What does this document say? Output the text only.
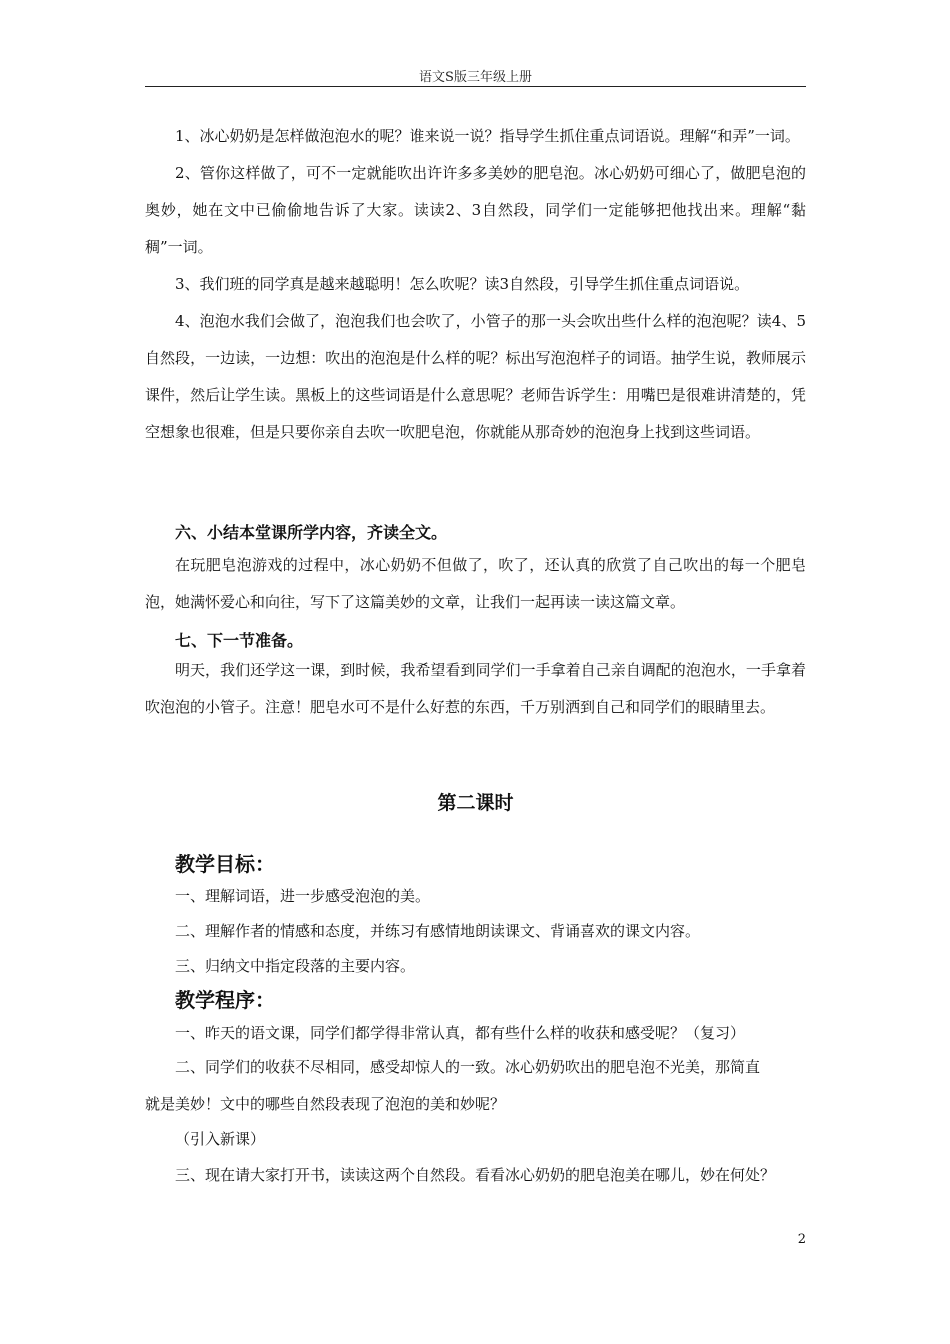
语文S版三年级上册

1、冰心奶奶是怎样做泡泡水的呢？谁来说一说？指导学生抓住重点词语说。理解“和弄”一词。

2、管你这样做了，可不一定就能吹出许许多多美妙的肥皂泡。冰心奶奶可细心了，做肥皂泡的奥妙，她在文中已偷偷地告诉了大家。读读2、3自然段，同学们一定能够把他找出来。理解“黏稠”一词。

3、我们班的同学真是越来越聪明！怎么吹呢？读3自然段，引导学生抓住重点词语说。

4、泡泡水我们会做了，泡泡我们也会吹了，小管子的那一头会吹出些什么样的泡泡呢？读4、5自然段，一边读，一边想：吹出的泡泡是什么样的呢？标出写泡泡样子的词语。抽学生说，教师展示课件，然后让学生读。黑板上的这些词语是什么意思呢？老师告诉学生：用嘴巴是很难讲清楚的，凭空想象也很难，但是只要你亲自去吹一吹肥皂泡，你就能从那奇妙的泡泡身上找到这些词语。

六、小结本堂课所学内容，齐读全文。

在玩肥皂泡游戏的过程中，冰心奶奶不但做了，吹了，还认真的欣赏了自己吹出的每一个肥皂泡，她满怀爱心和向往，写下了这篇美妙的文章，让我们一起再读一读这篇文章。

七、下一节准备。

明天，我们还学这一课，到时候，我希望看到同学们一手拿着自己亲自调配的泡泡水，一手拿着吹泡泡的小管子。注意！肥皂水可不是什么好惹的东西，千万别洒到自己和同学们的眼睛里去。

第二课时
教学目标：
一、理解词语，进一步感受泡泡的美。
二、理解作者的情感和态度，并练习有感情地朗读课文、背诵喜欢的课文内容。
三、归纳文中指定段落的主要内容。
教学程序：
一、昨天的语文课，同学们都学得非常认真，都有些什么样的收获和感受呢？（复习）
二、同学们的收获不尽相同，感受却惊人的一致。冰心奶奶吹出的肥皂泡不光美，那简直
就是美妙！文中的哪些自然段表现了泡泡的美和妙呢？
（引入新课）
三、现在请大家打开书，读读这两个自然段。看看冰心奶奶的肥皂泡美在哪儿，妙在何处？
2
